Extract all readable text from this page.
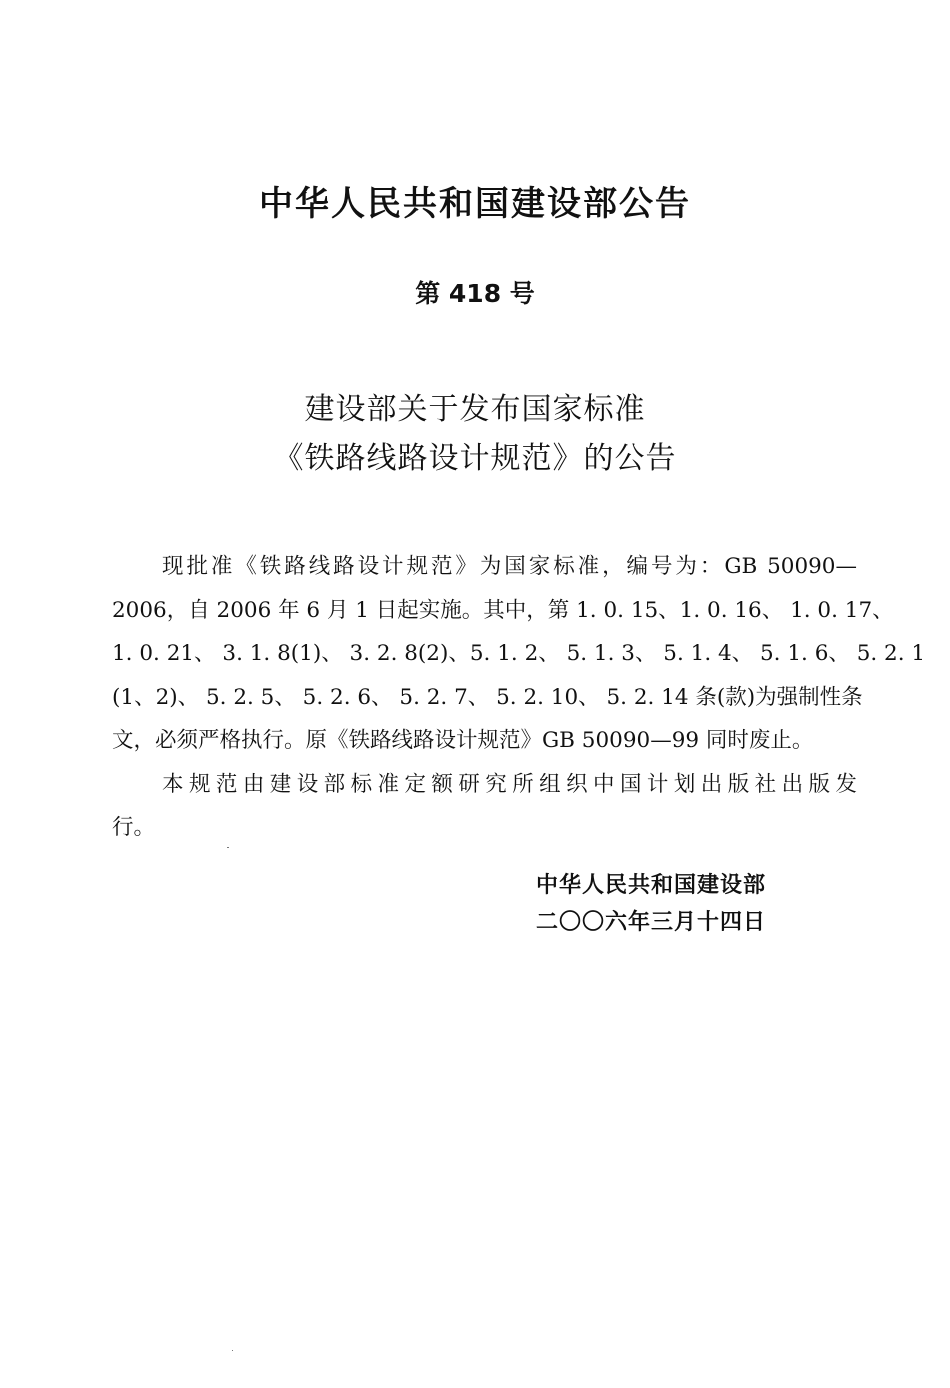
中华人民共和国建设部公告
第 418 号
建设部关于发布国家标准
《铁路线路设计规范》的公告
现批准《铁路线路设计规范》为国家标准，编号为：GB 50090—
2006，自 2006 年 6 月 1 日起实施。其中，第 1. 0. 15、1. 0. 16、 1. 0. 17、
1. 0. 21、 3. 1. 8(1)、 3. 2. 8(2)、5. 1. 2、 5. 1. 3、 5. 1. 4、 5. 1. 6、 5. 2. 1
(1、2)、 5. 2. 5、 5. 2. 6、 5. 2. 7、 5. 2. 10、 5. 2. 14 条(款)为强制性条
文，必须严格执行。原《铁路线路设计规范》GB 50090—99 同时废止。
本规范由建设部标准定额研究所组织中国计划出版社出版发
行。
中华人民共和国建设部
二〇〇六年三月十四日
